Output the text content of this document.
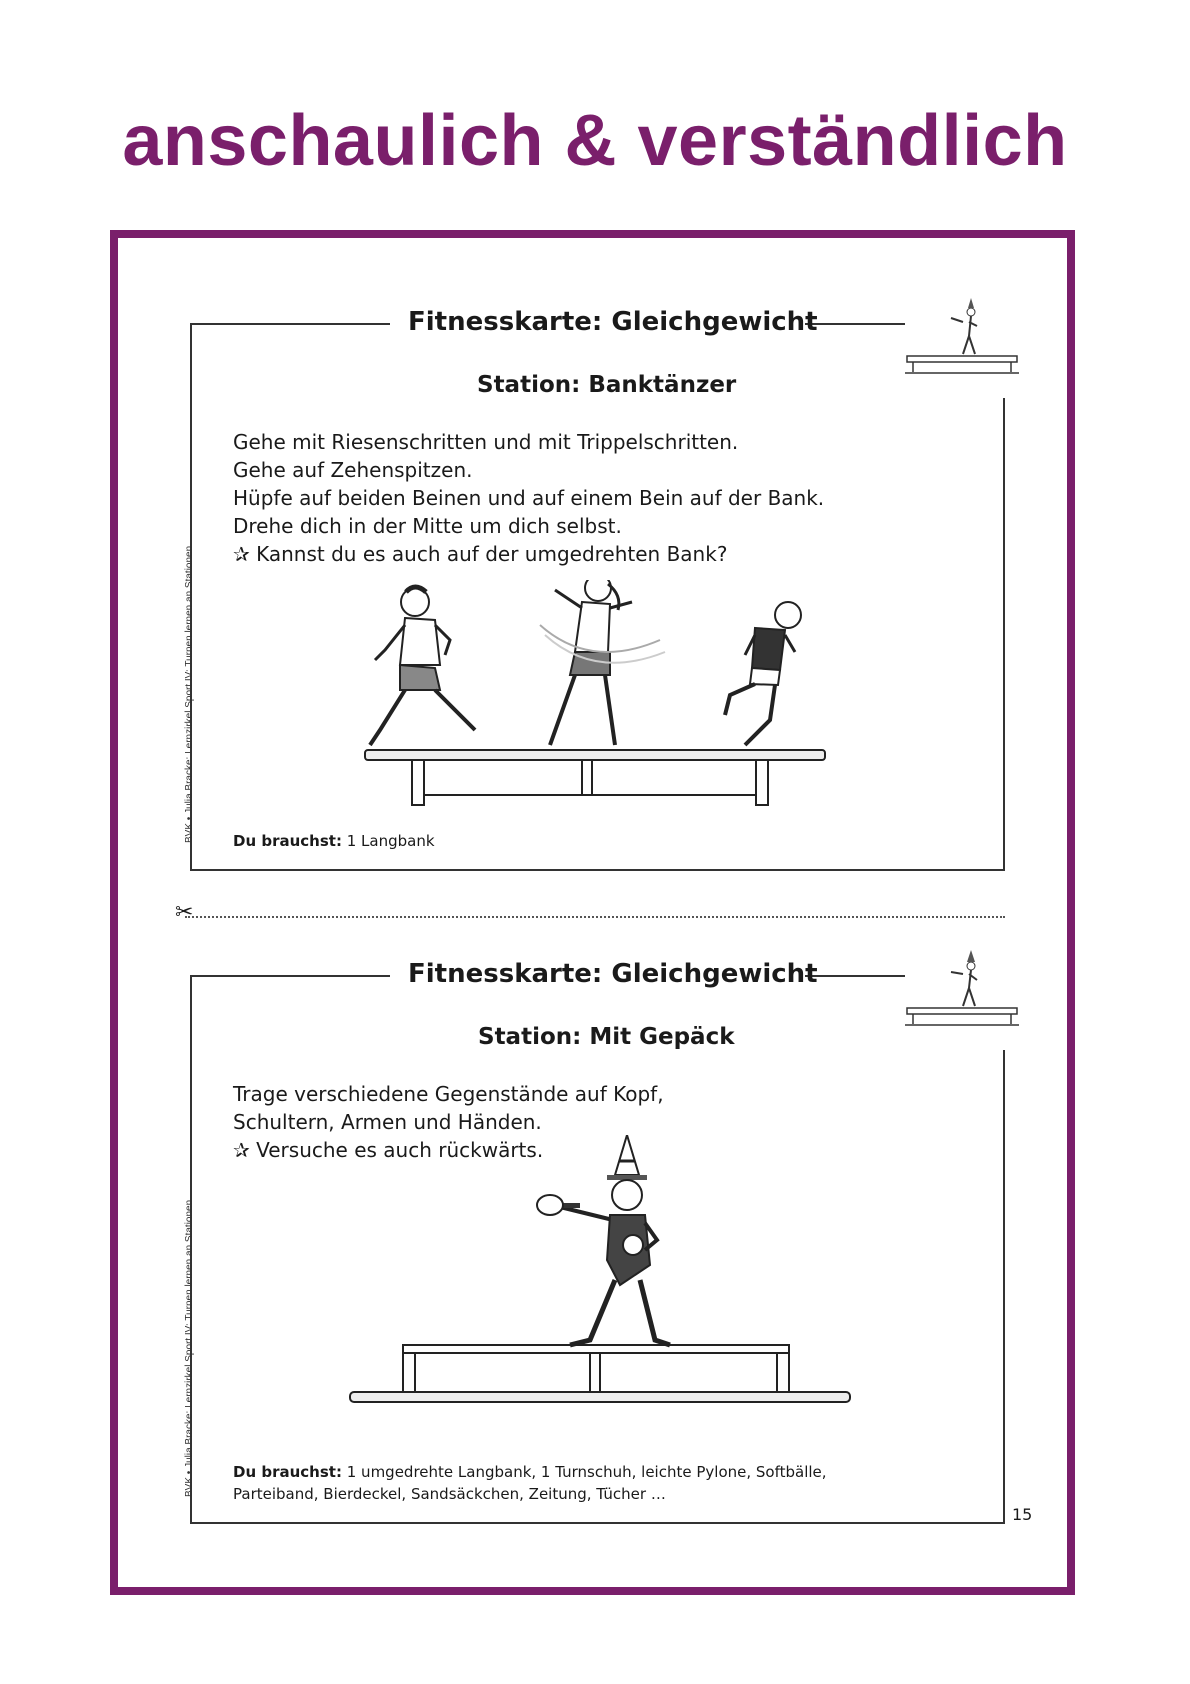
anschaulich & verständlich
Fitnesskarte: Gleichgewicht
Station: Banktänzer
Gehe mit Riesenschritten und mit Trippelschritten.
Gehe auf Zehenspitzen.
Hüpfe auf beiden Beinen und auf einem Bein auf der Bank.
Drehe dich in der Mitte um dich selbst.
✰ Kannst du es auch auf der umgedrehten Bank?
Du brauchst: 1 Langbank
BVK • Julia Bracke: Lernzirkel Sport IV: Turnen lernen an Stationen
✂
Fitnesskarte: Gleichgewicht
Station: Mit Gepäck
Trage verschiedene Gegenstände auf Kopf,
Schultern, Armen und Händen.
✰ Versuche es auch rückwärts.
Du brauchst: 1 umgedrehte Langbank, 1 Turnschuh, leichte Pylone, Softbälle, Parteiband, Bierdeckel, Sandsäckchen, Zeitung, Tücher …
BVK • Julia Bracke: Lernzirkel Sport IV: Turnen lernen an Stationen
15
